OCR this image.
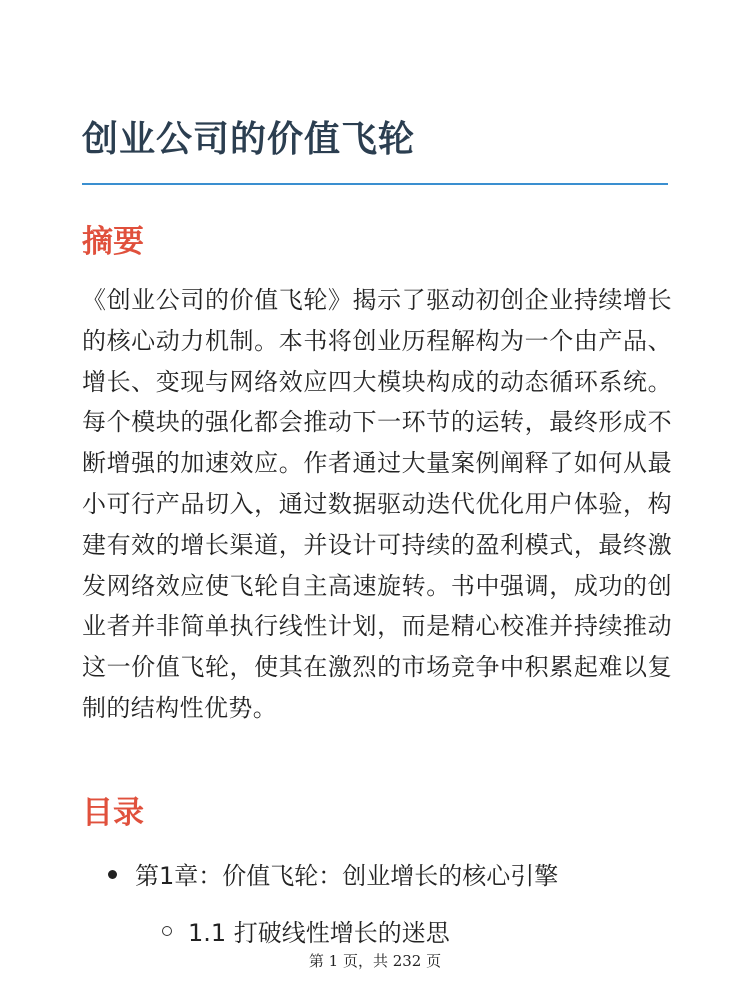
创业公司的价值飞轮
摘要

《创业公司的价值飞轮》揭示了驱动初创企业持续增长的核心动力机制。本书将创业历程解构为一个由产品、增长、变现与网络效应四大模块构成的动态循环系统。每个模块的强化都会推动下一环节的运转，最终形成不断增强的加速效应。作者通过大量案例阐释了如何从最小可行产品切入，通过数据驱动迭代优化用户体验，构建有效的增长渠道，并设计可持续的盈利模式，最终激发网络效应使飞轮自主高速旋转。书中强调，成功的创业者并非简单执行线性计划，而是精心校准并持续推动这一价值飞轮，使其在激烈的市场竞争中积累起难以复制的结构性优势。

目录
第1章：价值飞轮：创业增长的核心引擎
1.1 打破线性增长的迷思
第 1 页，共 232 页
